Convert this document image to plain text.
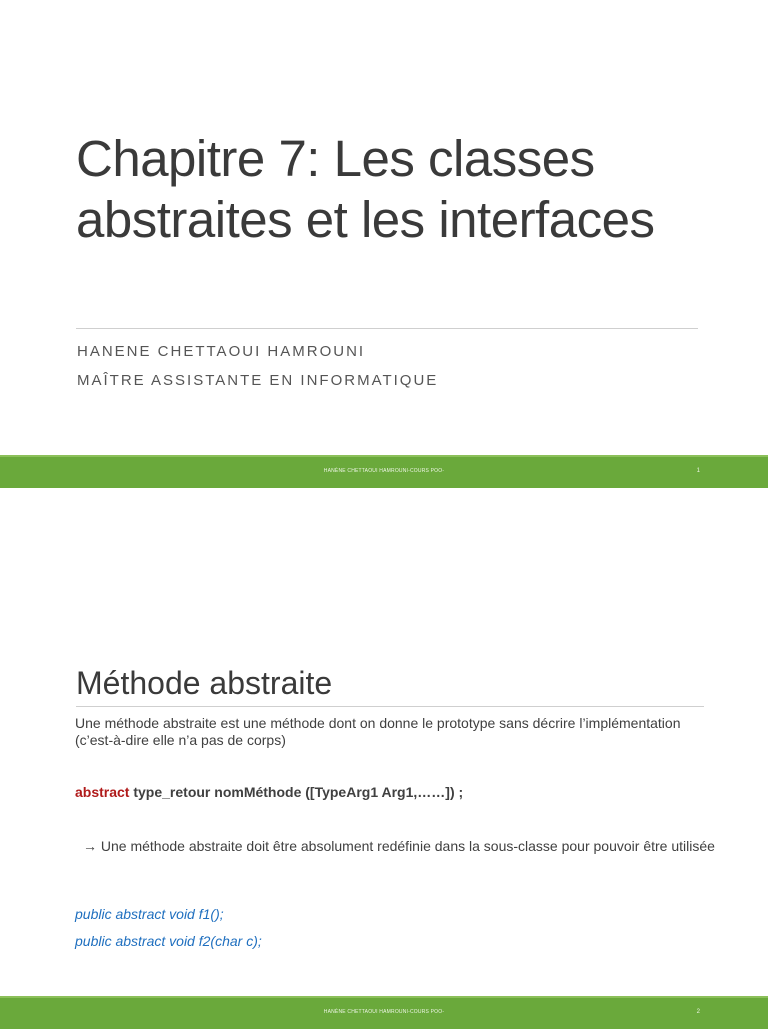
Chapitre 7: Les classes abstraites et les interfaces

HANENE CHETTAOUI HAMROUNI

MAÎTRE ASSISTANTE EN INFORMATIQUE

HANÈNE CHETTAOUI HAMROUNI-COURS POO-	1
Méthode abstraite

Une méthode abstraite est une méthode dont on donne le prototype sans décrire l’implémentation (c’est-à-dire elle n’a pas de corps)

abstract type_retour nomMéthode ([TypeArg1 Arg1,……]) ;

→ Une méthode abstraite doit être absolument redéfinie dans la sous-classe pour pouvoir être utilisée

public abstract void f1();

public abstract void f2(char c);

HANÈNE CHETTAOUI HAMROUNI-COURS POO-	2
